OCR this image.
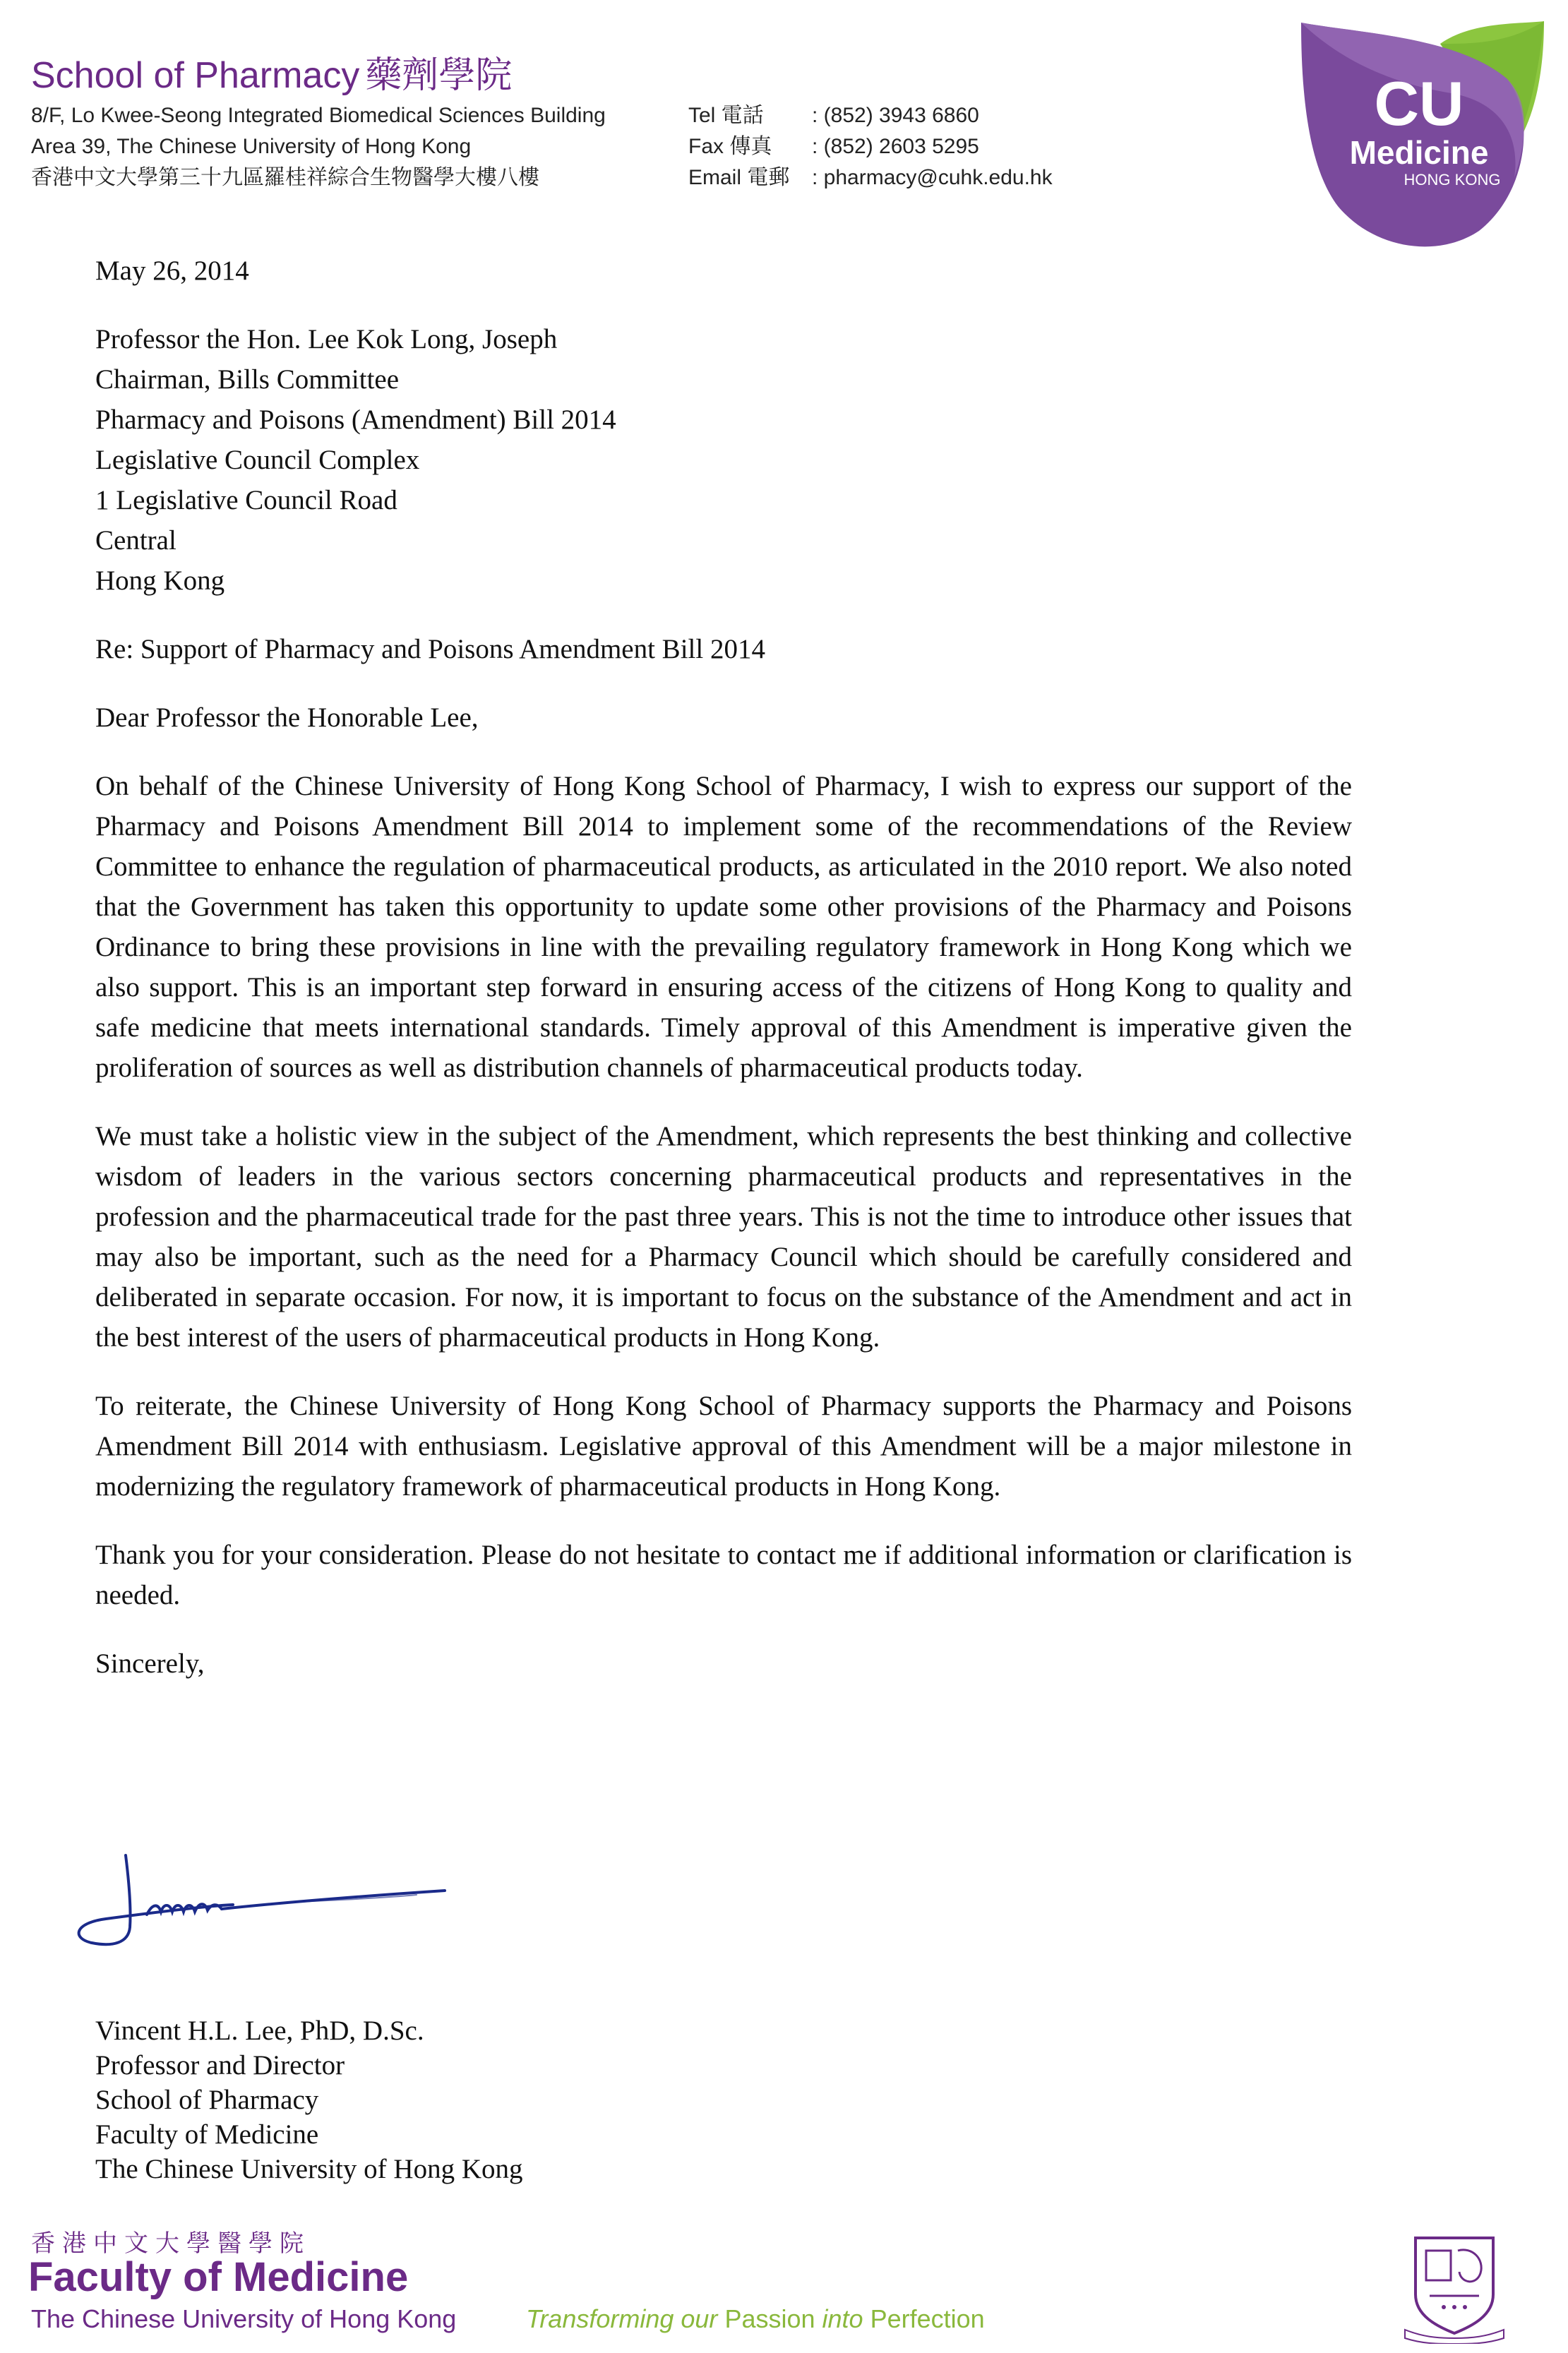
School of Pharmacy 藥劑學院
8/F, Lo Kwee-Seong Integrated Biomedical Sciences Building
Area 39, The Chinese University of Hong Kong
香港中文大學第三十九區羅桂祥綜合生物醫學大樓八樓
Tel 電話	: (852) 3943 6860
Fax 傳真	: (852) 2603 5295
Email 電郵	: pharmacy@cuhk.edu.hk
CU
Medicine
HONG KONG
May 26, 2014
Professor the Hon. Lee Kok Long, Joseph
Chairman, Bills Committee
Pharmacy and Poisons (Amendment) Bill 2014
Legislative Council Complex
1 Legislative Council Road
Central
Hong Kong
Re: Support of Pharmacy and Poisons Amendment Bill 2014
Dear Professor the Honorable Lee,

On behalf of the Chinese University of Hong Kong School of Pharmacy, I wish to express our support of the Pharmacy and Poisons Amendment Bill 2014 to implement some of the recommendations of the Review Committee to enhance the regulation of pharmaceutical products, as articulated in the 2010 report. We also noted that the Government has taken this opportunity to update some other provisions of the Pharmacy and Poisons Ordinance to bring these provisions in line with the prevailing regulatory framework in Hong Kong which we also support. This is an important step forward in ensuring access of the citizens of Hong Kong to quality and safe medicine that meets international standards. Timely approval of this Amendment is imperative given the proliferation of sources as well as distribution channels of pharmaceutical products today.

We must take a holistic view in the subject of the Amendment, which represents the best thinking and collective wisdom of leaders in the various sectors concerning pharmaceutical products and representatives in the profession and the pharmaceutical trade for the past three years. This is not the time to introduce other issues that may also be important, such as the need for a Pharmacy Council which should be carefully considered and deliberated in separate occasion. For now, it is important to focus on the substance of the Amendment and act in the best interest of the users of pharmaceutical products in Hong Kong.

To reiterate, the Chinese University of Hong Kong School of Pharmacy supports the Pharmacy and Poisons Amendment Bill 2014 with enthusiasm. Legislative approval of this Amendment will be a major milestone in modernizing the regulatory framework of pharmaceutical products in Hong Kong.

Thank you for your consideration. Please do not hesitate to contact me if additional information or clarification is needed.

Sincerely,
Vincent H.L. Lee, PhD, D.Sc.
Professor and Director
School of Pharmacy
Faculty of Medicine
The Chinese University of Hong Kong
香港中文大學醫學院
Faculty of Medicine
The Chinese University of Hong Kong	Transforming our Passion into Perfection
